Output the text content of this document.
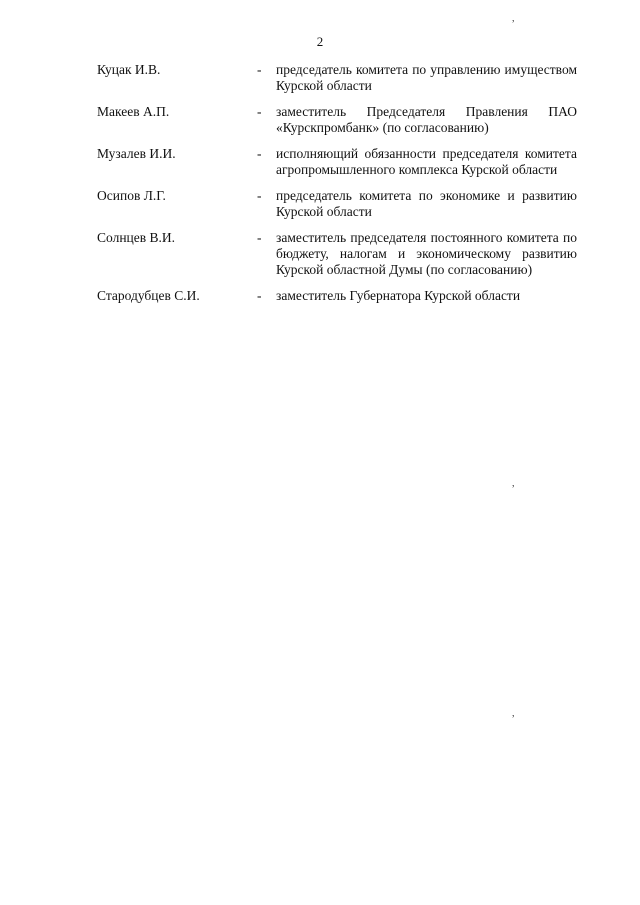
2
,
,
,
Куцак И.В.	-	председатель комитета по управлению имуществом Курской области
Макеев А.П.	-	заместитель Председателя Правления ПАО «Курскпромбанк» (по согласованию)
Музалев И.И.	-	исполняющий обязанности председателя комитета агропромышленного комплекса Курской области
Осипов Л.Г.	-	председатель комитета по экономике и развитию Курской области
Солнцев В.И.	-	заместитель председателя постоянного комитета по бюджету, налогам и экономическому развитию Курской областной Думы (по согласованию)
Стародубцев С.И.	-	заместитель Губернатора Курской области
